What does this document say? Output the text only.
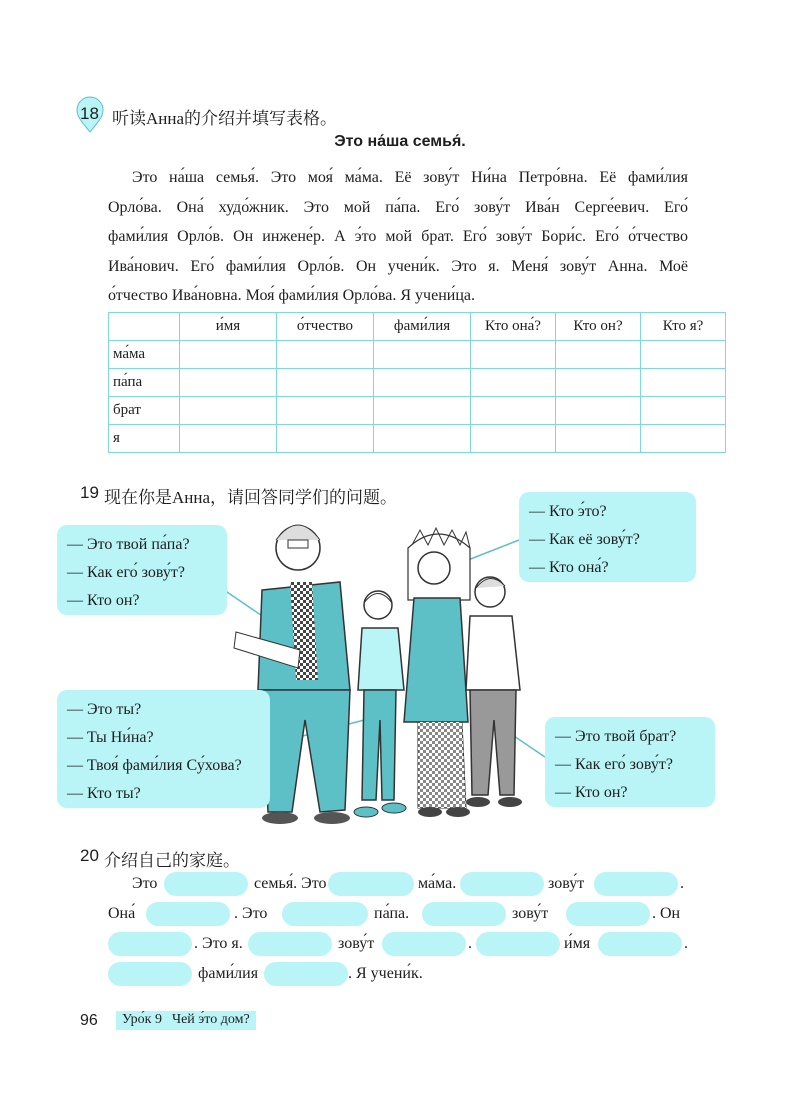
18 听读Анна的介绍并填写表格。
Это на́ша семья́.
Это на́ша семья́. Это моя́ ма́ма. Её зову́т Ни́на Петро́вна. Её фами́лия
Орло́ва. Она́ худо́жник. Это мой па́па. Его́ зову́т Ива́н Серге́евич. Его́
фами́лия Орло́в. Он инжене́р. А э́то мой брат. Его́ зову́т Бори́с. Его́ о́тчество
Ива́нович. Его́ фами́лия Орло́в. Он учени́к. Это я. Меня́ зову́т Анна. Моё
о́тчество Ива́новна. Моя́ фами́лия Орло́ва. Я учени́ца.
	и́мя	о́тчество	фами́лия	Кто она́?	Кто он?	Кто я?
ма́ма						
па́па						
брат						
я						
19 现在你是Анна，请回答同学们的问题。
— Это твой па́па?
— Как его́ зову́т?
— Кто он?
— Кто э́то?
— Как её зову́т?
— Кто она́?
— Это ты?
— Ты Ни́на?
— Твоя́ фами́лия Су́хова?
— Кто ты?
— Это твой брат?
— Как его́ зову́т?
— Кто он?
20 介绍自己的家庭。
Это	семья́. Это	ма́ма.	зову́т	.
Она́	. Это	па́па.	зову́т	. Он
. Это я.	зову́т	.	и́мя	.
фами́лия	. Я учени́к.
96	Уро́к 9 Чей э́то дом?
